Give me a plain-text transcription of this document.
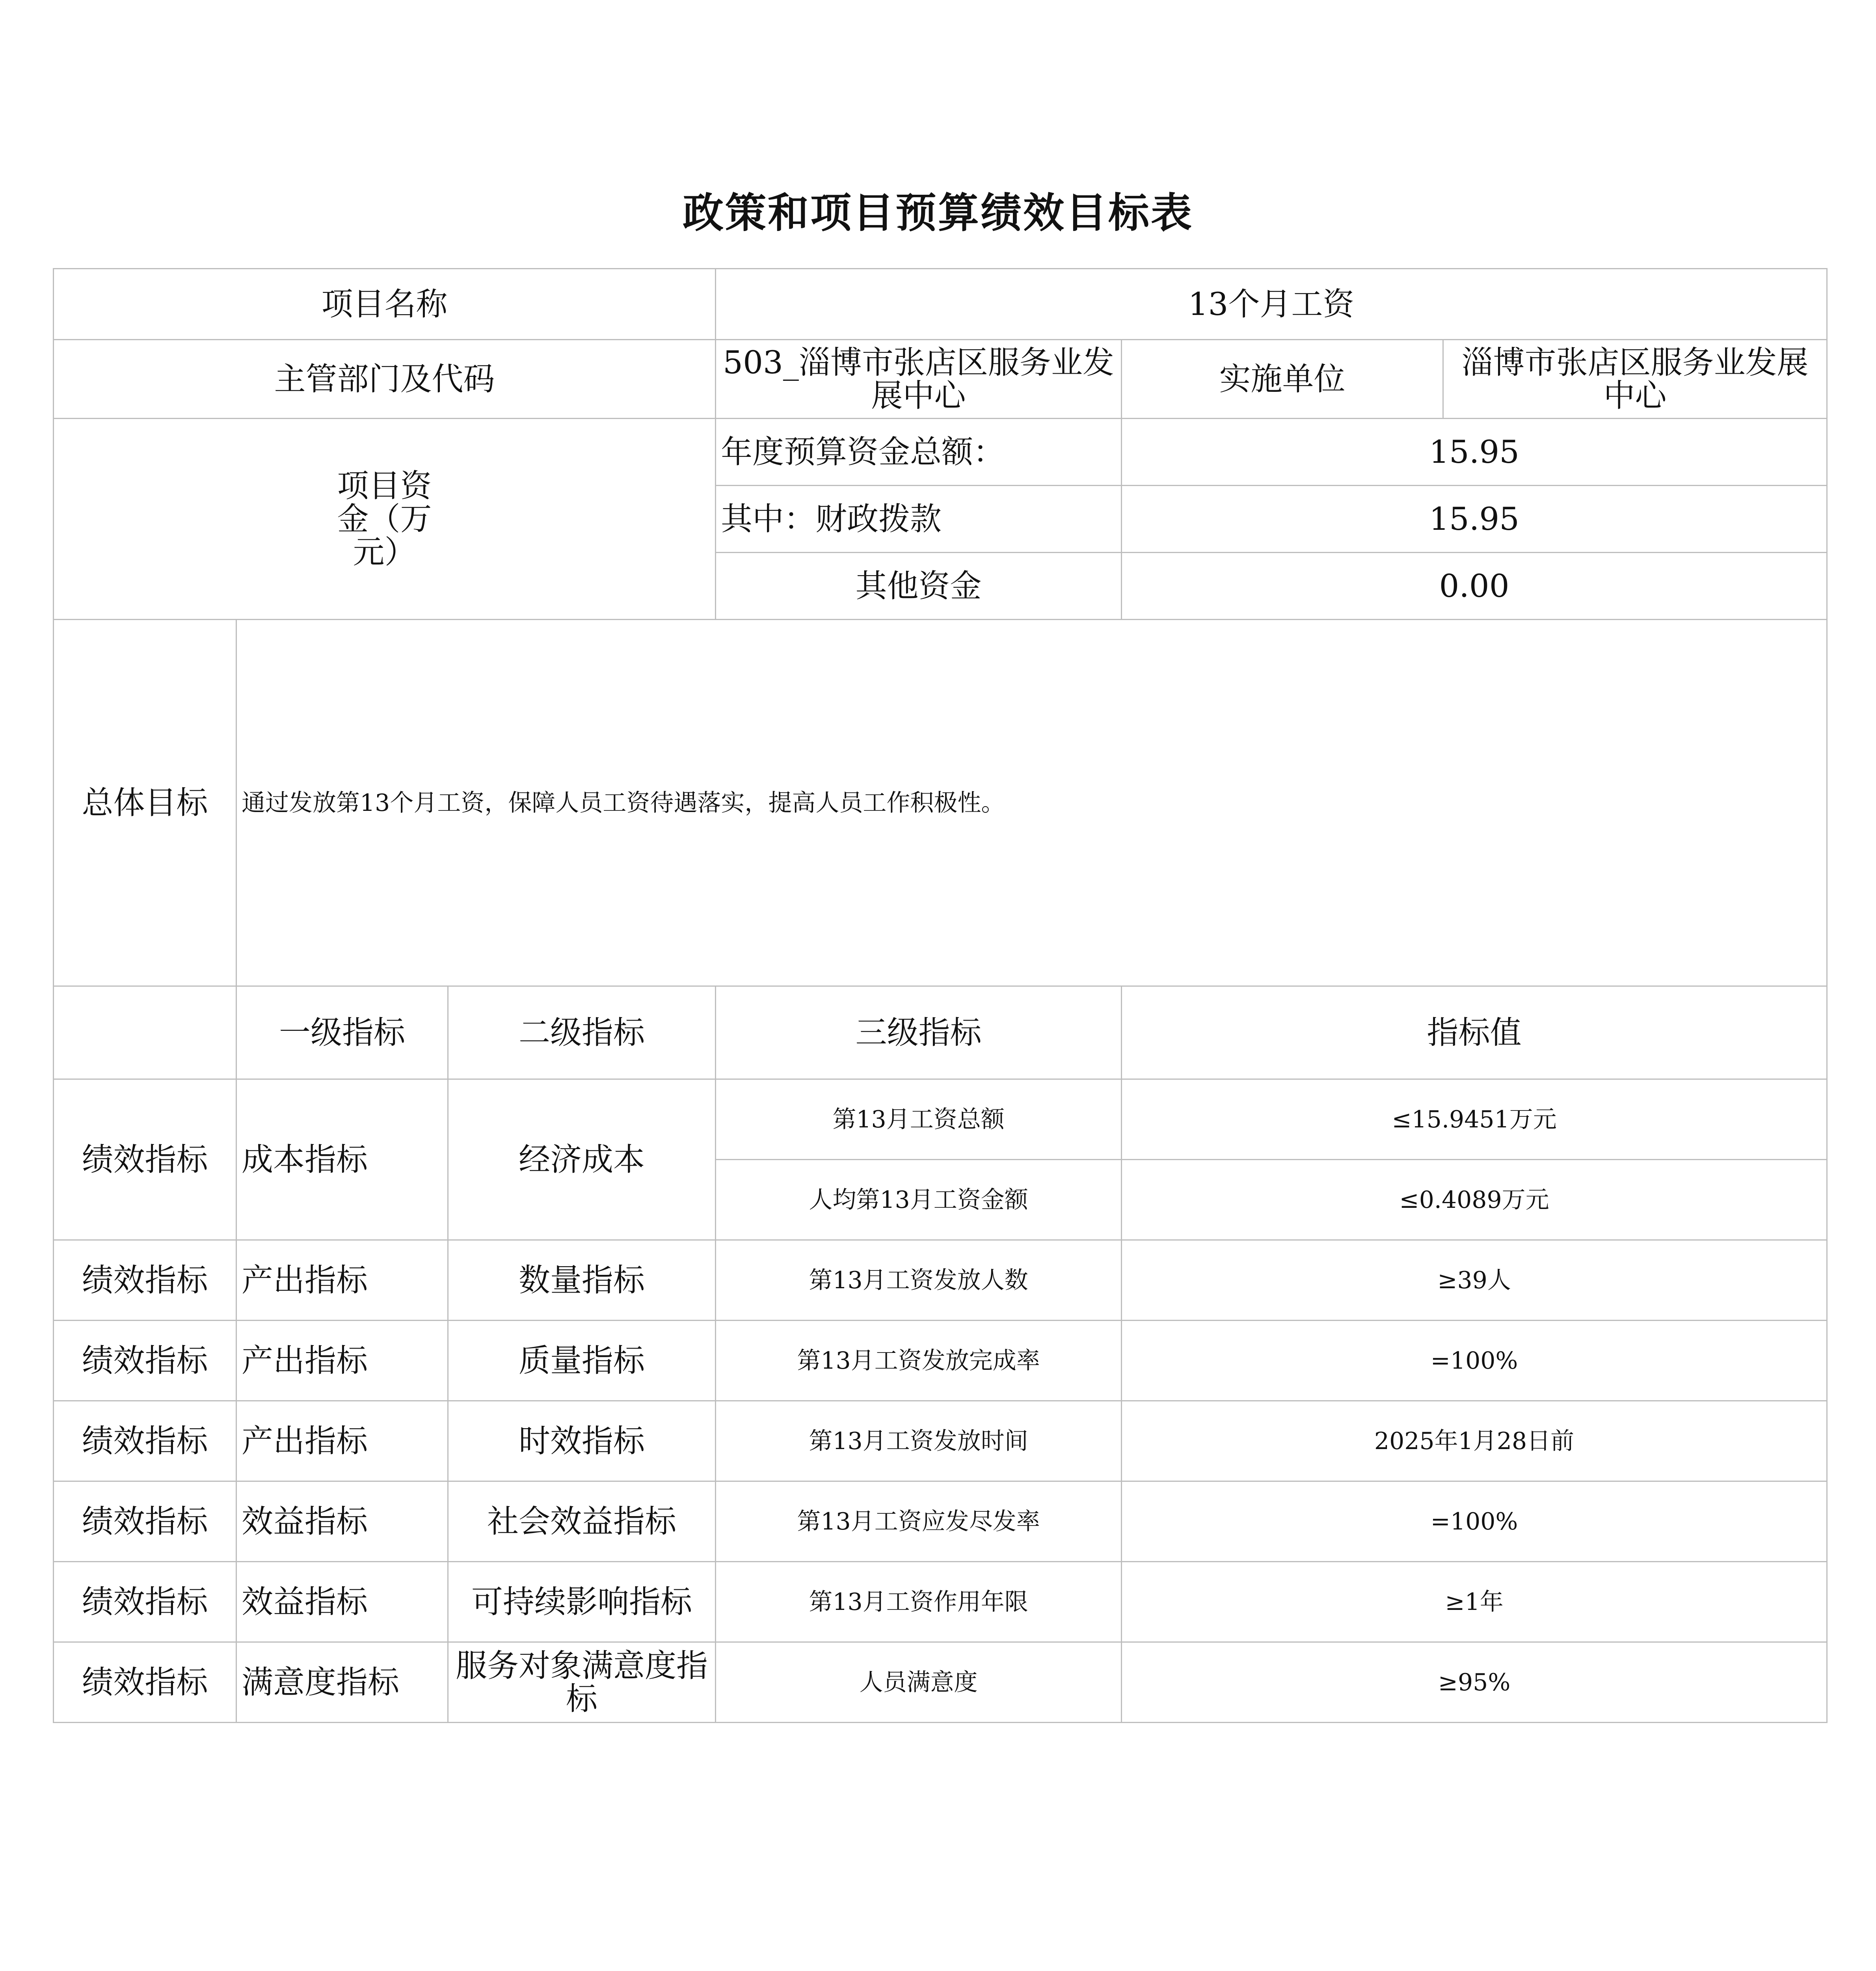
政策和项目预算绩效目标表
项目名称			13个月工资		
主管部门及代码			503_淄博市张店区服务业发展中心	实施单位	淄博市张店区服务业发展中心
项目资金（万元）			年度预算资金总额：	15.95	
			其中：财政拨款	15.95	
			其他资金	0.00	
总体目标	通过发放第13个月工资，保障人员工资待遇落实，提高人员工作积极性。				
	一级指标	二级指标	三级指标	指标值	
绩效指标	成本指标	经济成本	第13月工资总额	≤15.9451万元	
			人均第13月工资金额	≤0.4089万元	
绩效指标	产出指标	数量指标	第13月工资发放人数	≥39人	
绩效指标	产出指标	质量指标	第13月工资发放完成率	=100%	
绩效指标	产出指标	时效指标	第13月工资发放时间	2025年1月28日前	
绩效指标	效益指标	社会效益指标	第13月工资应发尽发率	=100%	
绩效指标	效益指标	可持续影响指标	第13月工资作用年限	≥1年	
绩效指标	满意度指标	服务对象满意度指标	人员满意度	≥95%	
